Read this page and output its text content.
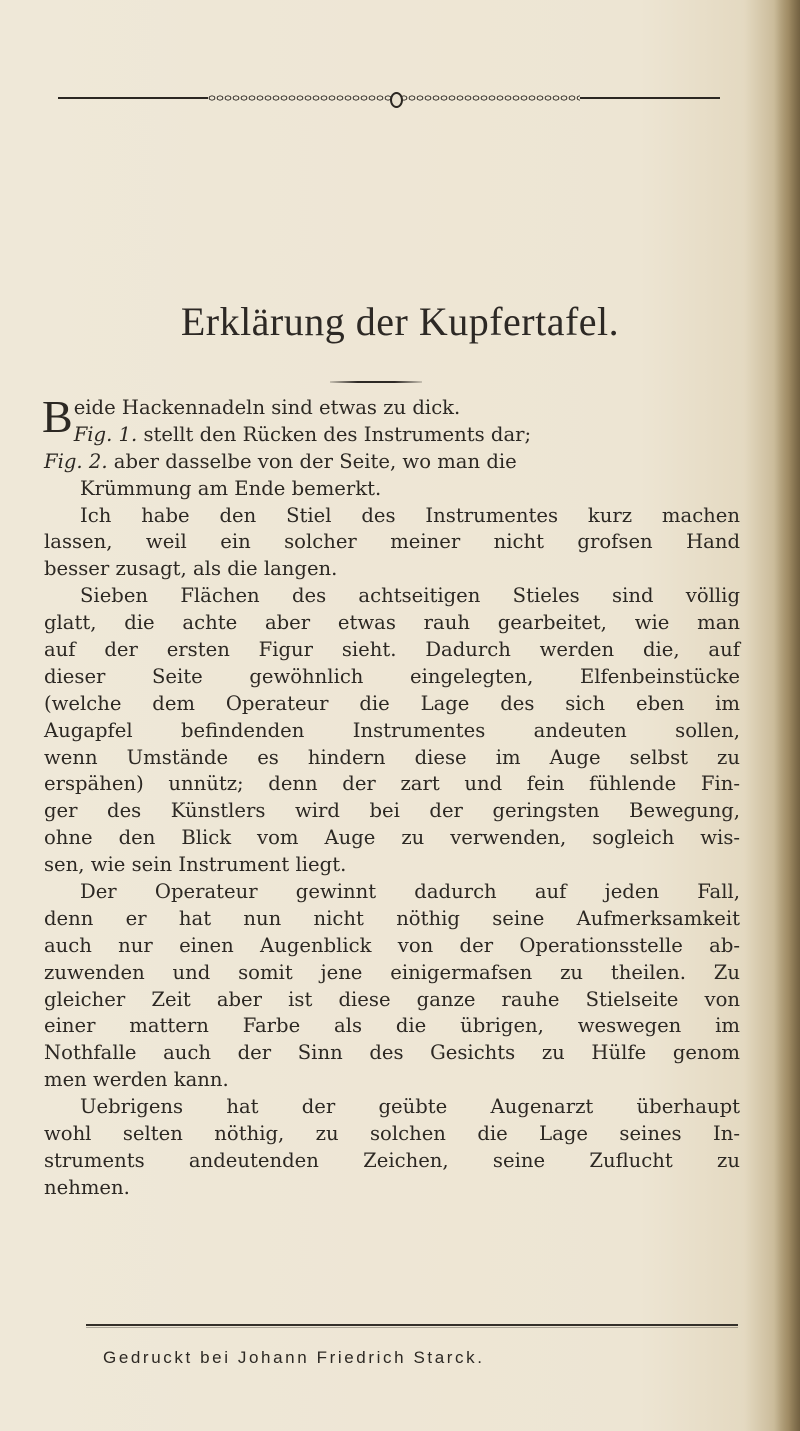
Erklärung der Kupfertafel.
Beide Hackennadeln sind etwas zu dick.
Fig. 1. stellt den Rücken des Instruments dar;
Fig. 2. aber dasselbe von der Seite, wo man die
Krümmung am Ende bemerkt.
Ich habe den Stiel des Instrumentes kurz machen
lassen, weil ein solcher meiner nicht grofsen Hand
besser zusagt, als die langen.
Sieben Flächen des achtseitigen Stieles sind völlig
glatt, die achte aber etwas rauh gearbeitet, wie man
auf der ersten Figur sieht. Dadurch werden die, auf
dieser Seite gewöhnlich eingelegten, Elfenbeinstücke
(welche dem Operateur die Lage des sich eben im
Augapfel befindenden Instrumentes andeuten sollen,
wenn Umstände es hindern diese im Auge selbst zu
erspähen) unnütz; denn der zart und fein fühlende Fin-
ger des Künstlers wird bei der geringsten Bewegung,
ohne den Blick vom Auge zu verwenden, sogleich wis-
sen, wie sein Instrument liegt.
Der Operateur gewinnt dadurch auf jeden Fall,
denn er hat nun nicht nöthig seine Aufmerksamkeit
auch nur einen Augenblick von der Operationsstelle ab-
zuwenden und somit jene einigermafsen zu theilen. Zu
gleicher Zeit aber ist diese ganze rauhe Stielseite von
einer mattern Farbe als die übrigen, weswegen im
Nothfalle auch der Sinn des Gesichts zu Hülfe genom
men werden kann.
Uebrigens hat der geübte Augenarzt überhaupt
wohl selten nöthig, zu solchen die Lage seines In-
struments andeutenden Zeichen, seine Zuflucht zu
nehmen.
Gedruckt bei Johann Friedrich Starck.
